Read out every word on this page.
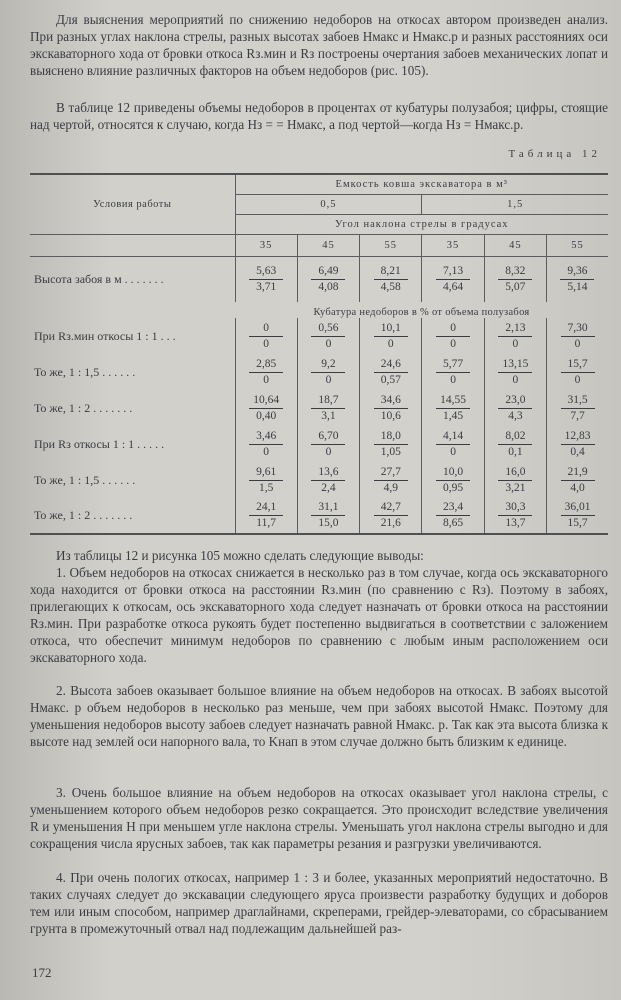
Для выяснения мероприятий по снижению недоборов на откосах автором произведен анализ. При разных углах наклона стрелы, разных высотах забоев Hмакс и Hмакс.р и разных расстояниях оси экскаваторного хода от бровки откоса Rз.мин и Rз построены очертания забоев механических лопат и выяснено влияние различных факторов на объем недоборов (рис. 105).

В таблице 12 приведены объемы недоборов в процентах от кубатуры полузабоя; цифры, стоящие над чертой, относятся к случаю, когда Hз = = Hмакс, а под чертой—когда Hз = Hмакс.р.

Таблица 12
Условия работы	Емкость ковша экскаватора в м³					
	0,5			1,5		
	Угол наклона стрелы в градусах					
	35	45	55	35	45	55
Высота забоя в м . . . . . . .	$\frac{5,63}{3,71}$	$\frac{6,49}{4,08}$	$\frac{8,21}{4,58}$	$\frac{7,13}{4,64}$	$\frac{8,32}{5,07}$	$\frac{9,36}{5,14}$

	Кубатура недоборов в % от объема полузабоя					
При Rз.мин откосы 1 : 1 . . .	$\frac{0}{0}$	$\frac{0,56}{0}$	$\frac{10,1}{0}$	$\frac{0}{0}$	$\frac{2,13}{0}$	$\frac{7,30}{0}$

То же, 1 : 1,5 . . . . . .	$\frac{2,85}{0}$	$\frac{9,2}{0}$	$\frac{24,6}{0,57}$	$\frac{5,77}{0}$	$\frac{13,15}{0}$	$\frac{15,7}{0}$

То же, 1 : 2 . . . . . . .	$\frac{10,64}{0,40}$	$\frac{18,7}{3,1}$	$\frac{34,6}{10,6}$	$\frac{14,55}{1,45}$	$\frac{23,0}{4,3}$	$\frac{31,5}{7,7}$

При Rз откосы 1 : 1 . . . . .	$\frac{3,46}{0}$	$\frac{6,70}{0}$	$\frac{18,0}{1,05}$	$\frac{4,14}{0}$	$\frac{8,02}{0,1}$	$\frac{12,83}{0,4}$

То же, 1 : 1,5 . . . . . .	$\frac{9,61}{1,5}$	$\frac{13,6}{2,4}$	$\frac{27,7}{4,9}$	$\frac{10,0}{0,95}$	$\frac{16,0}{3,21}$	$\frac{21,9}{4,0}$

То же, 1 : 2 . . . . . . .	$\frac{24,1}{11,7}$	$\frac{31,1}{15,0}$	$\frac{42,7}{21,6}$	$\frac{23,4}{8,65}$	$\frac{30,3}{13,7}$	$\frac{36,01}{15,7}$

Из таблицы 12 и рисунка 105 можно сделать следующие выводы:

1. Объем недоборов на откосах снижается в несколько раз в том случае, когда ось экскаваторного хода находится от бровки откоса на расстоянии Rз.мин (по сравнению с Rз). Поэтому в забоях, прилегающих к откосам, ось экскаваторного хода следует назначать от бровки откоса на расстоянии Rз.мин. При разработке откоса рукоять будет постепенно выдвигаться в соответствии с заложением откоса, что обеспечит минимум недоборов по сравнению с любым иным расположением оси экскаваторного хода.

2. Высота забоев оказывает большое влияние на объем недоборов на откосах. В забоях высотой Hмакс. р объем недоборов в несколько раз меньше, чем при забоях высотой Hмакс. Поэтому для уменьшения недоборов высоту забоев следует назначать равной Hмакс. р. Так как эта высота близка к высоте над землей оси напорного вала, то Kнап в этом случае должно быть близким к единице.

3. Очень большое влияние на объем недоборов на откосах оказывает угол наклона стрелы, с уменьшением которого объем недоборов резко сокращается. Это происходит вследствие увеличения R и уменьшения H при меньшем угле наклона стрелы. Уменьшать угол наклона стрелы выгодно и для сокращения числа ярусных забоев, так как параметры резания и разгрузки увеличиваются.

4. При очень пологих откосах, например 1 : 3 и более, указанных мероприятий недостаточно. В таких случаях следует до экскавации следующего яруса произвести разработку будущих и доборов тем или иным способом, например драглайнами, скреперами, грейдер-элеваторами, со сбрасыванием грунта в промежуточный отвал над подлежащим дальнейшей раз-

172
